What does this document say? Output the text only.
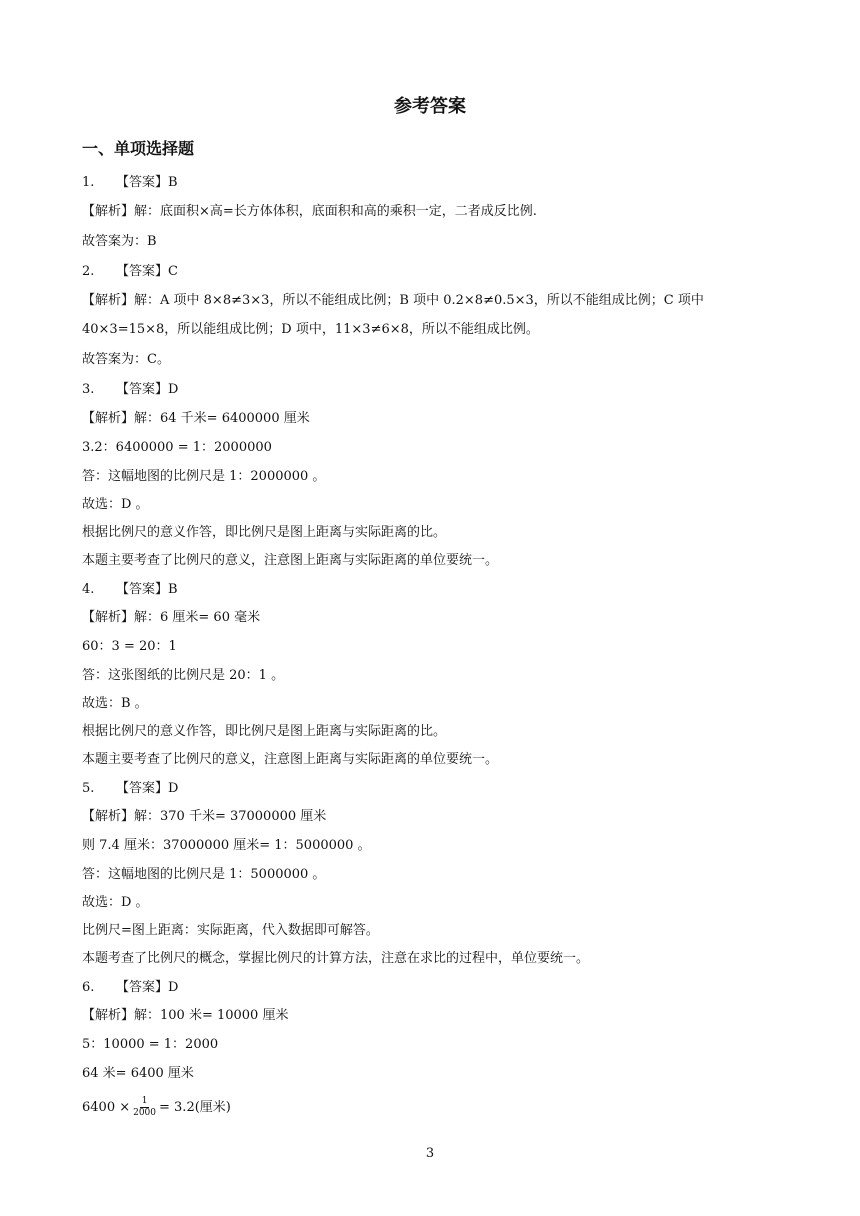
参考答案
一、单项选择题
1. 【答案】B
【解析】解：底面积×高=长方体体积，底面积和高的乘积一定，二者成反比例.
故答案为：B
2. 【答案】C
【解析】解：A 项中 8×8≠3×3，所以不能组成比例；B 项中 0.2×8≠0.5×3，所以不能组成比例；C 项中
40×3=15×8，所以能组成比例；D 项中，11×3≠6×8，所以不能组成比例。
故答案为：C。
3. 【答案】D
【解析】解：64 千米= 6400000 厘米
3.2：6400000 = 1：2000000
答：这幅地图的比例尺是 1：2000000 。
故选：D 。
根据比例尺的意义作答，即比例尺是图上距离与实际距离的比。
本题主要考查了比例尺的意义，注意图上距离与实际距离的单位要统一。
4. 【答案】B
【解析】解：6 厘米= 60 毫米
60：3 = 20：1
答：这张图纸的比例尺是 20：1 。
故选：B 。
根据比例尺的意义作答，即比例尺是图上距离与实际距离的比。
本题主要考查了比例尺的意义，注意图上距离与实际距离的单位要统一。
5. 【答案】D
【解析】解：370 千米= 37000000 厘米
则 7.4 厘米：37000000 厘米= 1：5000000 。
答：这幅地图的比例尺是 1：5000000 。
故选：D 。
比例尺=图上距离：实际距离，代入数据即可解答。
本题考查了比例尺的概念，掌握比例尺的计算方法，注意在求比的过程中，单位要统一。
6. 【答案】D
【解析】解：100 米= 10000 厘米
5：10000 = 1：2000
64 米= 6400 厘米
$6400 \times \frac{1}{2000} = 3.2$(厘米)
3
